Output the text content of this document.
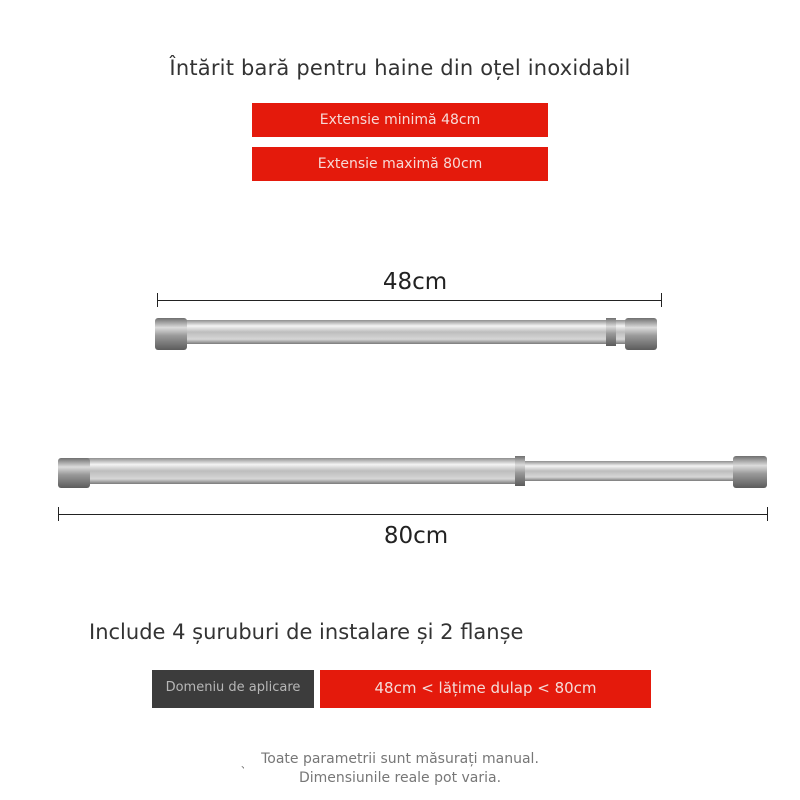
Întărit bară pentru haine din oțel inoxidabil
Extensie minimă 48cm
Extensie maximă 80cm
48cm
80cm
Include 4 șuruburi de instalare și 2 flanșe
Domeniu de aplicare	48cm < lățime dulap < 80cm
、 Toate parametrii sunt măsurați manual.
Dimensiunile reale pot varia.
